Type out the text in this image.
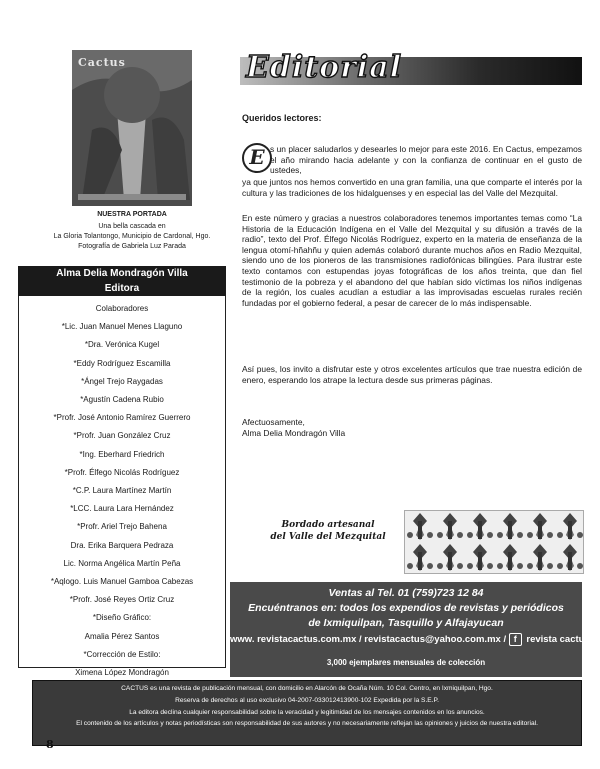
Cactus
NUESTRA PORTADA
Una bella cascada en
La Gloria Tolantongo, Municipio de Cardonal, Hgo.
Fotografía de Gabriela Luz Parada
Alma Delia Mondragón Villa
Editora
Colaboradores
*Lic. Juan Manuel Menes Llaguno
*Dra. Verónica Kugel
*Eddy Rodríguez Escamilla
*Ángel Trejo Raygadas
*Agustín Cadena Rubio
*Profr. José Antonio Ramírez Guerrero
*Profr. Juan González Cruz
*Ing. Eberhard Friedrich
*Profr. Élfego Nicolás Rodríguez
*C.P. Laura Martínez Martín
*LCC. Laura Lara Hernández
*Profr. Ariel Trejo Bahena
Dra. Erika Barquera Pedraza
Lic. Norma Angélica Martín Peña
*Aqlogo. Luis Manuel Gamboa Cabezas
*Profr. José Reyes Ortiz Cruz
*Diseño Gráfico:
Amalia Pérez Santos
*Corrección de Estilo:
Ximena López Mondragón
Editorial
Queridos lectores:
E s un placer saludarlos y desearles lo mejor para este 2016. En Cactus, empezamos el año mirando hacia adelante y con la confianza de continuar en el gusto de ustedes,
ya que juntos nos hemos convertido en una gran familia, una que comparte el interés por la cultura y las tradiciones de los hidalguenses y en especial las del Valle del Mezquital.
En este número y gracias a nuestros colaboradores tenemos importantes temas como “La Historia de la Educación Indígena en el Valle del Mezquital y su difusión a través de la radio”, texto del Prof. Élfego Nicolás Rodríguez, experto en la materia de enseñanza de la lengua otomí-hñahñu y quien además colaboró durante muchos años en Radio Mezquital, siendo uno de los pioneros de las transmisiones radiofónicas bilingües. Para ilustrar este texto contamos con estupendas joyas fotográficas de los años treinta, que dan fiel testimonio de la pobreza y el abandono del que habían sido víctimas los niños indígenas de la región, los cuales acudían a estudiar a las improvisadas escuelas rurales recién fundadas por el gobierno federal, a pesar de carecer de lo más indispensable.
Así pues, los invito a disfrutar este y otros excelentes artículos que trae nuestra edición de enero, esperando los atrape la lectura desde sus primeras páginas.
Afectuosamente,
Alma Delia Mondragón Villa
Bordado artesanal
del Valle del Mezquital
Ventas al Tel. 01 (759)723 12 84
Encuéntranos en: todos los expendios de revistas y periódicos
de Ixmiquilpan, Tasquillo y Alfajayucan
www. revistacactus.com.mx / revistacactus@yahoo.com.mx / f revista cactus
3,000 ejemplares mensuales de colección
CACTUS es una revista de publicación mensual, con domicilio en Alarcón de Ocaña Núm. 10 Col. Centro, en Ixmiquilpan, Hgo.
Reserva de derechos al uso exclusivo 04-2007-033012413900-102 Expedida por la S.E.P.
La editora declina cualquier responsabilidad sobre la veracidad y legitimidad de los mensajes contenidos en los anuncios.
El contenido de los artículos y notas periodísticas son responsabilidad de sus autores y no necesariamente reflejan las opiniones y juicios de nuestra editorial.
8
